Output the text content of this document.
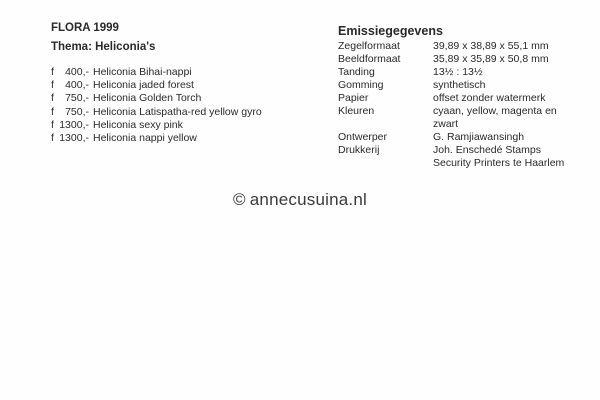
FLORA 1999
Thema: Heliconia's
f	400,- Heliconia Bihai-nappi
f	400,- Heliconia jaded forest
f	750,- Heliconia Golden Torch
f	750,- Heliconia Latispatha-red yellow gyro
f 1300,- Heliconia sexy pink
f 1300,- Heliconia nappi yellow
Emissiegegevens
Zegelformaat	39,89 x 38,89 x 55,1 mm
Beeldformaat	35,89 x 35,89 x 50,8 mm
Tanding	13½ : 13½
Gomming	synthetisch
Papier	offset zonder watermerk
Kleuren	cyaan, yellow, magenta en
zwart
Ontwerper	G. Ramjiawansingh
Drukkerij	Joh. Enschedé Stamps
Security Printers te Haarlem
© annecusuina.nl
